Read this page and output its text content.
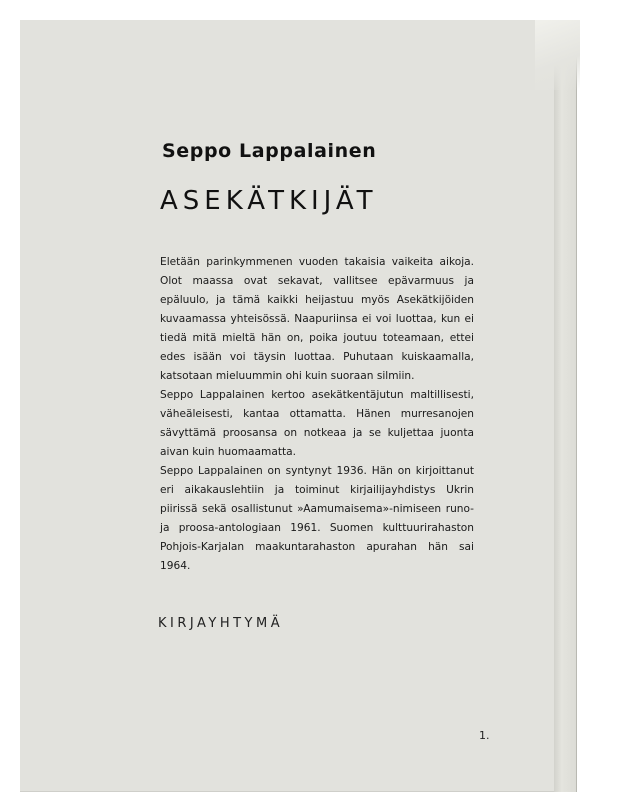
Seppo Lappalainen
ASEKÄTKIJÄT

Eletään parinkymmenen vuoden takaisia vaikeita aikoja. Olot maassa ovat sekavat, vallitsee epävarmuus ja epäluulo, ja tämä kaikki heijastuu myös Asekätkijöiden kuvaamassa yhteisössä. Naapuriinsa ei voi luottaa, kun ei tiedä mitä mieltä hän on, poika joutuu toteamaan, ettei edes isään voi täysin luottaa. Puhutaan kuiskaamalla, katsotaan mieluummin ohi kuin suoraan silmiin.

Seppo Lappalainen kertoo asekätkentäjutun maltillisesti, väheäleisesti, kantaa ottamatta. Hänen murresanojen sävyttämä proosansa on notkeaa ja se kuljettaa juonta aivan kuin huomaamatta.

Seppo Lappalainen on syntynyt 1936. Hän on kirjoittanut eri aikakauslehtiin ja toiminut kirjailijayhdistys Ukrin piirissä sekä osallistunut »Aamumaisema»-nimiseen runo- ja proosa-antologiaan 1961. Suomen kulttuurirahaston Pohjois-Karjalan maakuntarahaston apurahan hän sai 1964.

KIRJAYHTYMÄ
1.
